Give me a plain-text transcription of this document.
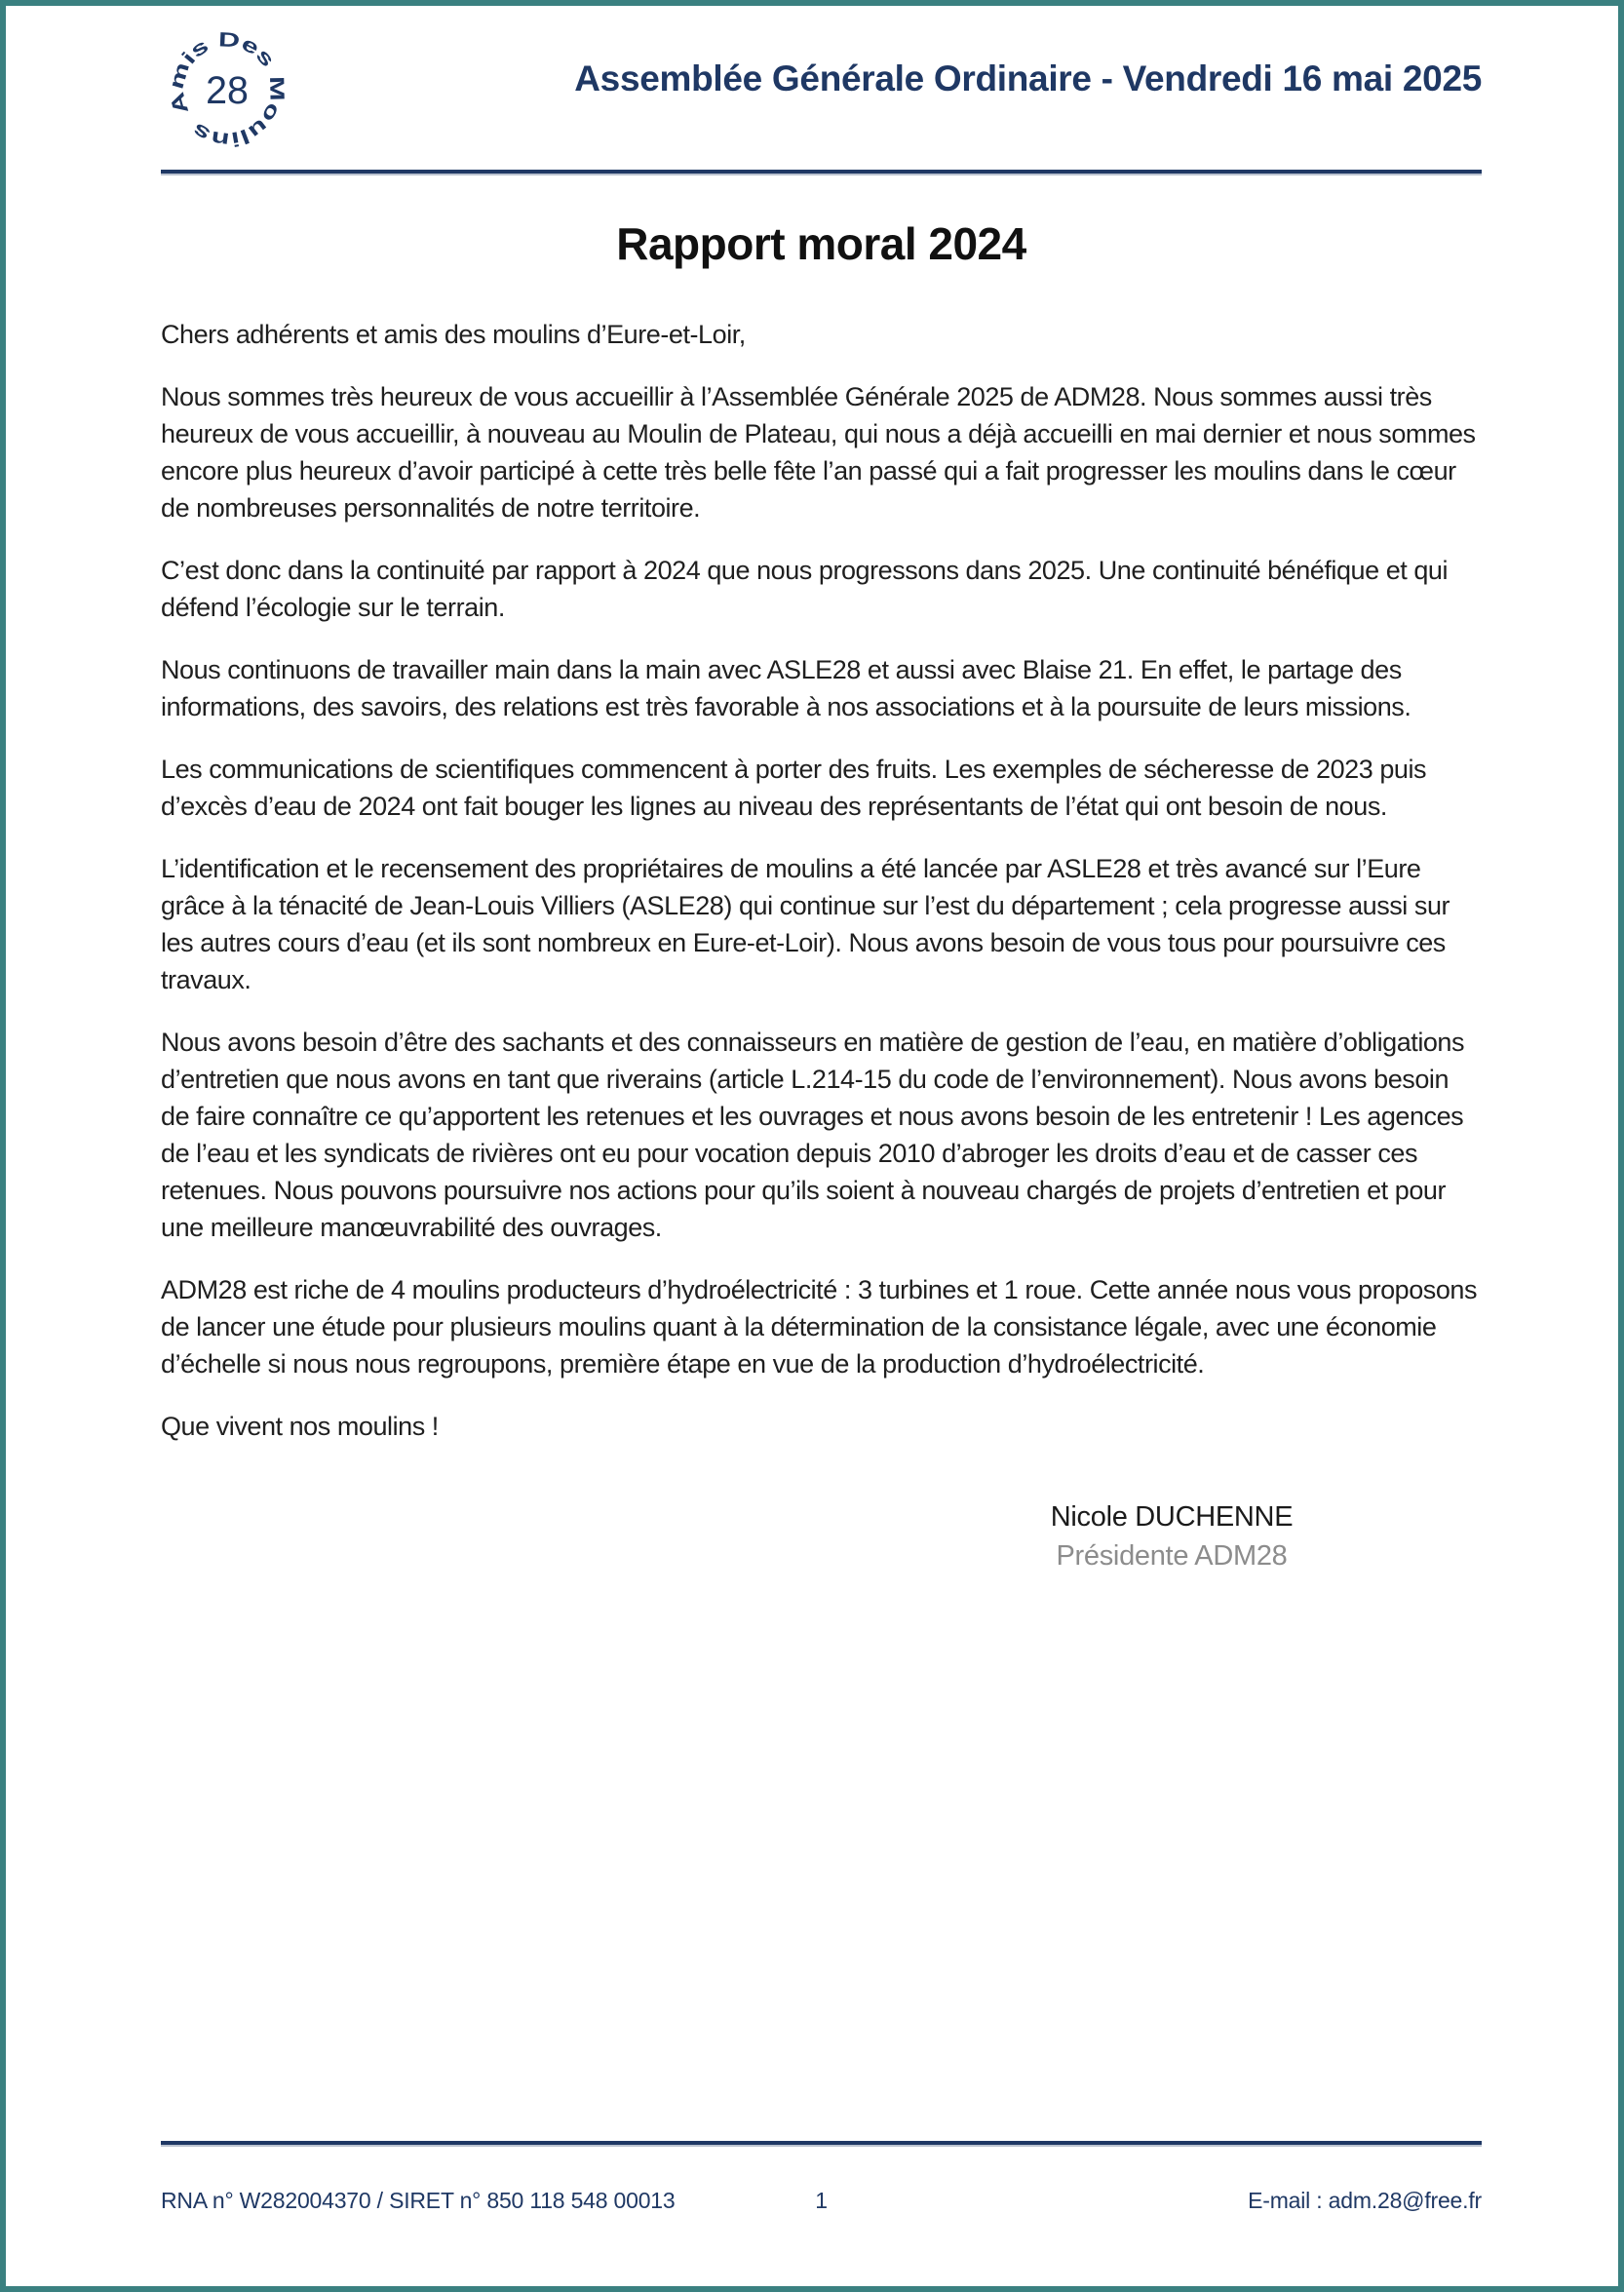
Amis Des Moulins
28	Assemblée Générale Ordinaire - Vendredi 16 mai 2025
Rapport moral 2024

Chers adhérents et amis des moulins d’Eure-et-Loir,

Nous sommes très heureux de vous accueillir à l’Assemblée Générale 2025 de ADM28. Nous sommes aussi très heureux de vous accueillir, à nouveau au Moulin de Plateau, qui nous a déjà accueilli en mai dernier et nous sommes encore plus heureux d’avoir participé à cette très belle fête l’an passé qui a fait progresser les moulins dans le cœur de nombreuses personnalités de notre territoire.

C’est donc dans la continuité par rapport à 2024 que nous progressons dans 2025. Une continuité bénéfique et qui défend l’écologie sur le terrain.

Nous continuons de travailler main dans la main avec ASLE28 et aussi avec Blaise 21. En effet, le partage des informations, des savoirs, des relations est très favorable à nos associations et à la poursuite de leurs missions.

Les communications de scientifiques commencent à porter des fruits. Les exemples de sécheresse de 2023 puis d’excès d’eau de 2024 ont fait bouger les lignes au niveau des représentants de l’état qui ont besoin de nous.

L’identification et le recensement des propriétaires de moulins a été lancée par ASLE28 et très avancé sur l’Eure grâce à la ténacité de Jean-Louis Villiers (ASLE28) qui continue sur l’est du département ; cela progresse aussi sur les autres cours d’eau (et ils sont nombreux en Eure-et-Loir). Nous avons besoin de vous tous pour poursuivre ces travaux.

Nous avons besoin d’être des sachants et des connaisseurs en matière de gestion de l’eau, en matière d’obligations d’entretien que nous avons en tant que riverains (article L.214-15 du code de l’environnement). Nous avons besoin de faire connaître ce qu’apportent les retenues et les ouvrages et nous avons besoin de les entretenir ! Les agences de l’eau et les syndicats de rivières ont eu pour vocation depuis 2010 d’abroger les droits d’eau et de casser ces retenues. Nous pouvons poursuivre nos actions pour qu’ils soient à nouveau chargés de projets d’entretien et pour une meilleure manœuvrabilité des ouvrages.

ADM28 est riche de 4 moulins producteurs d’hydroélectricité : 3 turbines et 1 roue. Cette année nous vous proposons de lancer une étude pour plusieurs moulins quant à la détermination de la consistance légale, avec une économie d’échelle si nous nous regroupons, première étape en vue de la production d’hydroélectricité.

Que vivent nos moulins !

Nicole DUCHENNE
Présidente ADM28
RNA n° W282004370 / SIRET n° 850 118 548 00013	1	E-mail : adm.28@free.fr
